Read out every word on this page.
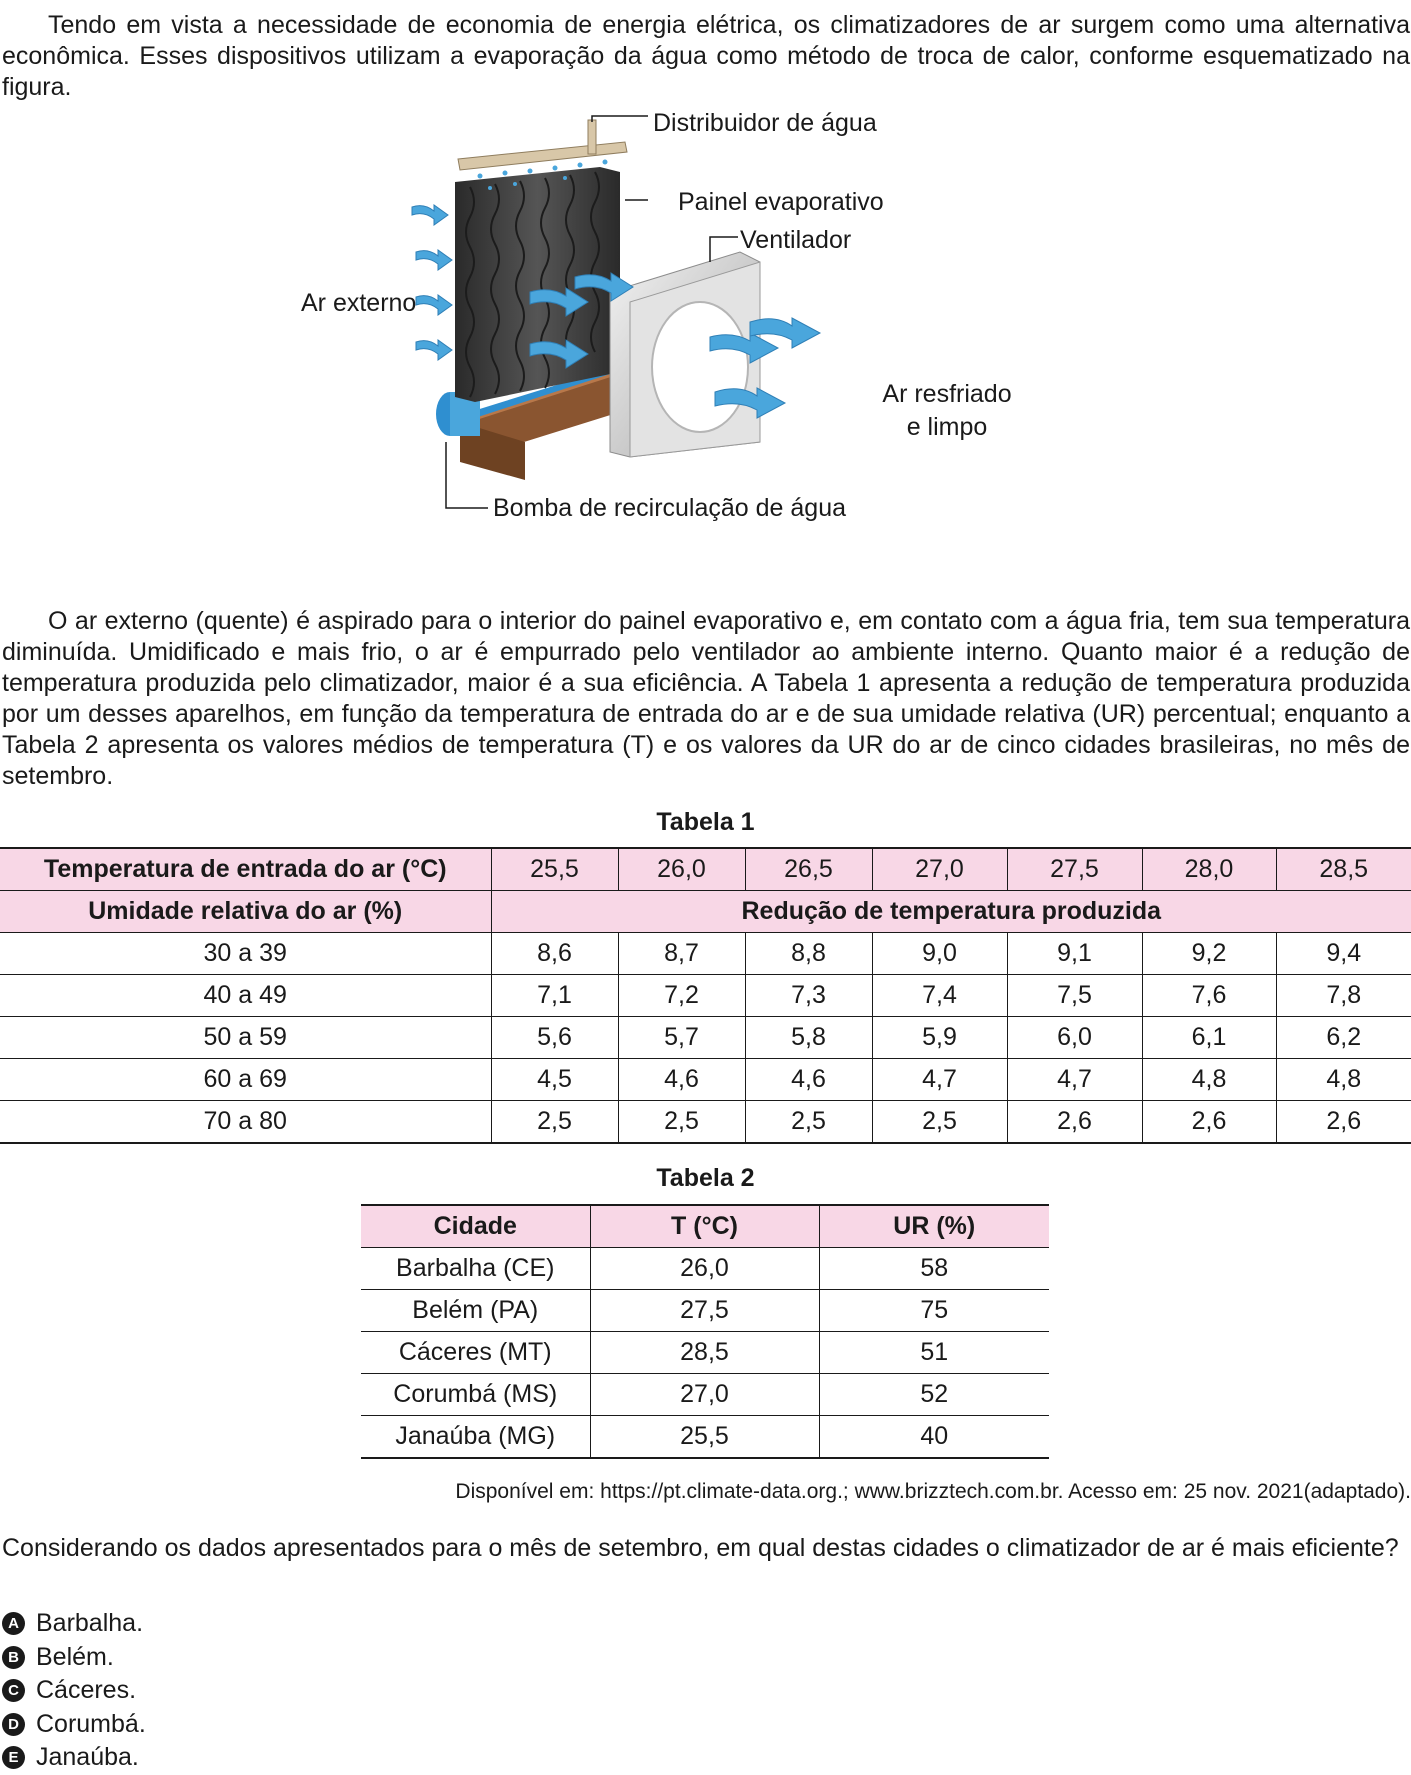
Tendo em vista a necessidade de economia de energia elétrica, os climatizadores de ar surgem como uma alternativa econômica. Esses dispositivos utilizam a evaporação da água como método de troca de calor, conforme esquematizado na figura.

Distribuidor de água
Painel evaporativo
Ventilador
Ar externo
Ar resfriado
e limpo
Bomba de recirculação de água

O ar externo (quente) é aspirado para o interior do painel evaporativo e, em contato com a água fria, tem sua temperatura diminuída. Umidificado e mais frio, o ar é empurrado pelo ventilador ao ambiente interno. Quanto maior é a redução de temperatura produzida pelo climatizador, maior é a sua eficiência. A Tabela 1 apresenta a redução de temperatura produzida por um desses aparelhos, em função da temperatura de entrada do ar e de sua umidade relativa (UR) percentual; enquanto a Tabela 2 apresenta os valores médios de temperatura (T) e os valores da UR do ar de cinco cidades brasileiras, no mês de setembro.

Tabela 1

Temperatura de entrada do ar (°C)	25,5	26,0	26,5	27,0	27,5	28,0	28,5
Umidade relativa do ar (%)	Redução de temperatura produzida						
30 a 39	8,6	8,7	8,8	9,0	9,1	9,2	9,4
40 a 49	7,1	7,2	7,3	7,4	7,5	7,6	7,8
50 a 59	5,6	5,7	5,8	5,9	6,0	6,1	6,2
60 a 69	4,5	4,6	4,6	4,7	4,7	4,8	4,8
70 a 80	2,5	2,5	2,5	2,5	2,6	2,6	2,6

Tabela 2

Cidade	T (°C)	UR (%)
Barbalha (CE)	26,0	58
Belém (PA)	27,5	75
Cáceres (MT)	28,5	51
Corumbá (MS)	27,0	52
Janaúba (MG)	25,5	40

Disponível em: https://pt.climate-data.org.; www.brizztech.com.br. Acesso em: 25 nov. 2021(adaptado).

Considerando os dados apresentados para o mês de setembro, em qual destas cidades o climatizador de ar é mais eficiente?

A Barbalha.
B Belém.
C Cáceres.
D Corumbá.
E Janaúba.
